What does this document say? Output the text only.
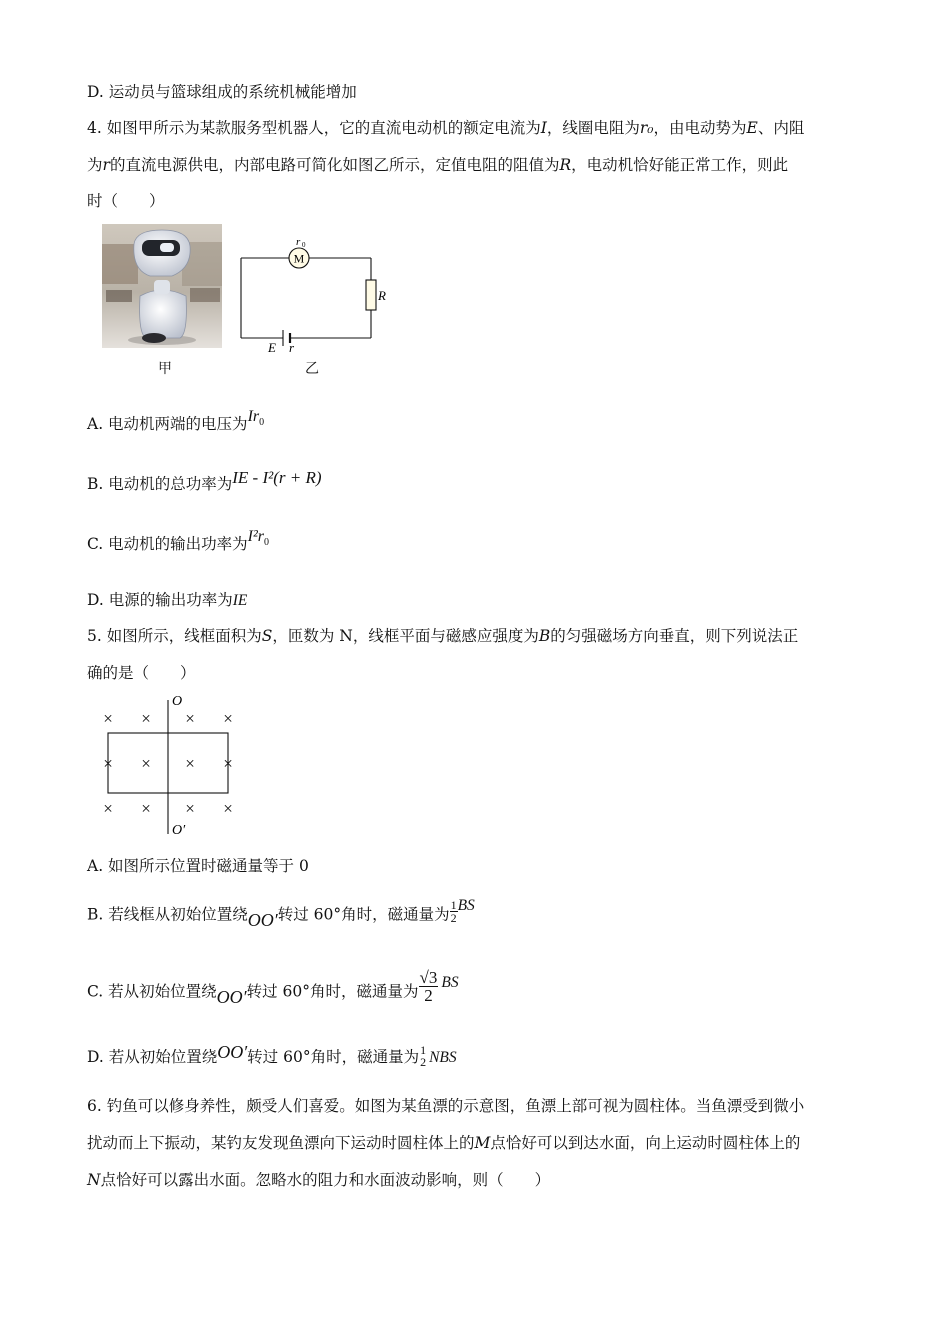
D. 运动员与篮球组成的系统机械能增加
4. 如图甲所示为某款服务型机器人，它的直流电动机的额定电流为I，线圈电阻为r₀，由电动势为E、内阻
为r的直流电源供电，内部电路可简化如图乙所示，定值电阻的阻值为R，电动机恰好能正常工作，则此
时（　　）
甲
M
r 0
R
E r
乙
A. 电动机两端的电压为$Ir_0$
B. 电动机的总功率为IE - I²(r + R)
C. 电动机的输出功率为$I^2r_0$
D. 电源的输出功率为IE
5. 如图所示，线框面积为S，匝数为 N，线框平面与磁感应强度为B的匀强磁场方向垂直，则下列说法正
确的是（　　）
× × × ×
× × × ×
× × × ×
O
O′
A. 如图所示位置时磁通量等于 0
B. 若线框从初始位置绕OO′转过 60°角时，磁通量为 $\frac{1}{2}$ BS
C. 若从初始位置绕OO′转过 60°角时，磁通量为 $\frac{√3}{2}$ BS
D. 若从初始位置绕OO′转过 60°角时，磁通量为 1
2 NBS
6. 钓鱼可以修身养性，颇受人们喜爱。如图为某鱼漂的示意图，鱼漂上部可视为圆柱体。当鱼漂受到微小
扰动而上下振动，某钓友发现鱼漂向下运动时圆柱体上的M点恰好可以到达水面，向上运动时圆柱体上的
N点恰好可以露出水面。忽略水的阻力和水面波动影响，则（　　）
